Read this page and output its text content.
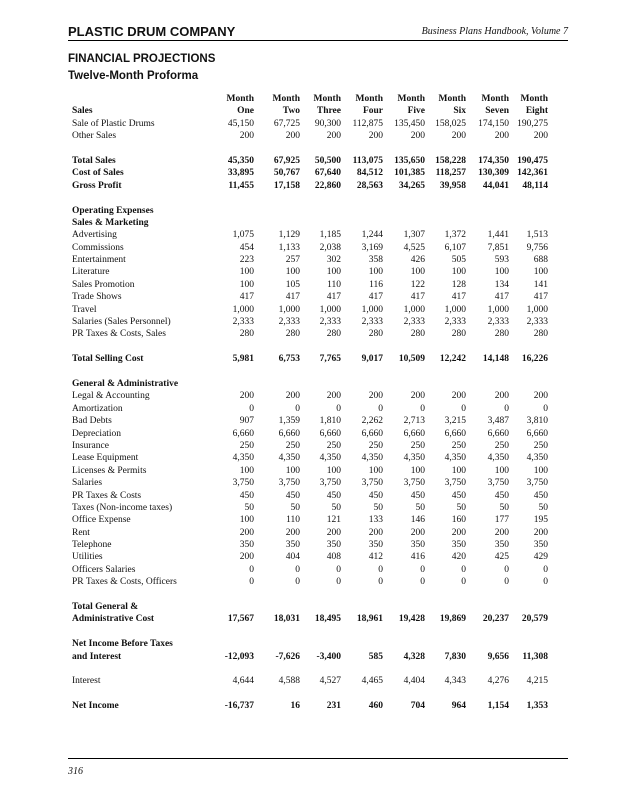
PLASTIC DRUM COMPANY	Business Plans Handbook, Volume 7
FINANCIAL PROJECTIONS
Twelve-Month Proforma
Month	Month	Month	Month	Month	Month	Month	Month
Sales	One	Two	Three	Four	Five	Six	Seven	Eight
Sale of Plastic Drums	45,150	67,725	90,300	112,875	135,450	158,025	174,150 190,275
Other Sales	200	200	200	200	200	200	200	200
Total Sales	45,350	67,925	50,500	113,075	135,650	158,228	174,350 190,475
Cost of Sales	33,895	50,767	67,640	84,512	101,385	118,257	130,309 142,361
Gross Profit	11,455	17,158	22,860	28,563	34,265	39,958	44,041	48,114
Operating Expenses
Sales & Marketing
Advertising	1,075	1,129	1,185	1,244	1,307	1,372	1,441	1,513
Commissions	454	1,133	2,038	3,169	4,525	6,107	7,851	9,756
Entertainment	223	257	302	358	426	505	593	688
Literature	100	100	100	100	100	100	100	100
Sales Promotion	100	105	110	116	122	128	134	141
Trade Shows	417	417	417	417	417	417	417	417
Travel	1,000	1,000	1,000	1,000	1,000	1,000	1,000	1,000
Salaries (Sales Personnel)	2,333	2,333	2,333	2,333	2,333	2,333	2,333	2,333
PR Taxes & Costs, Sales	280	280	280	280	280	280	280	280
Total Selling Cost	5,981	6,753	7,765	9,017	10,509	12,242	14,148	16,226
General & Administrative
Legal & Accounting	200	200	200	200	200	200	200	200
Amortization	0	0	0	0	0	0	0	0
Bad Debts	907	1,359	1,810	2,262	2,713	3,215	3,487	3,810
Depreciation	6,660	6,660	6,660	6,660	6,660	6,660	6,660	6,660
Insurance	250	250	250	250	250	250	250	250
Lease Equipment	4,350	4,350	4,350	4,350	4,350	4,350	4,350	4,350
Licenses & Permits	100	100	100	100	100	100	100	100
Salaries	3,750	3,750	3,750	3,750	3,750	3,750	3,750	3,750
PR Taxes & Costs	450	450	450	450	450	450	450	450
Taxes (Non-income taxes)	50	50	50	50	50	50	50	50
Office Expense	100	110	121	133	146	160	177	195
Rent	200	200	200	200	200	200	200	200
Telephone	350	350	350	350	350	350	350	350
Utilities	200	404	408	412	416	420	425	429
Officers Salaries	0	0	0	0	0	0	0	0
PR Taxes & Costs, Officers	0	0	0	0	0	0	0	0
Total General &
Administrative Cost	17,567	18,031	18,495	18,961	19,428	19,869	20,237	20,579
Net Income Before Taxes
and Interest	-12,093	-7,626	-3,400	585	4,328	7,830	9,656	11,308
Interest	4,644	4,588	4,527	4,465	4,404	4,343	4,276	4,215
Net Income	-16,737	16	231	460	704	964	1,154	1,353
316
